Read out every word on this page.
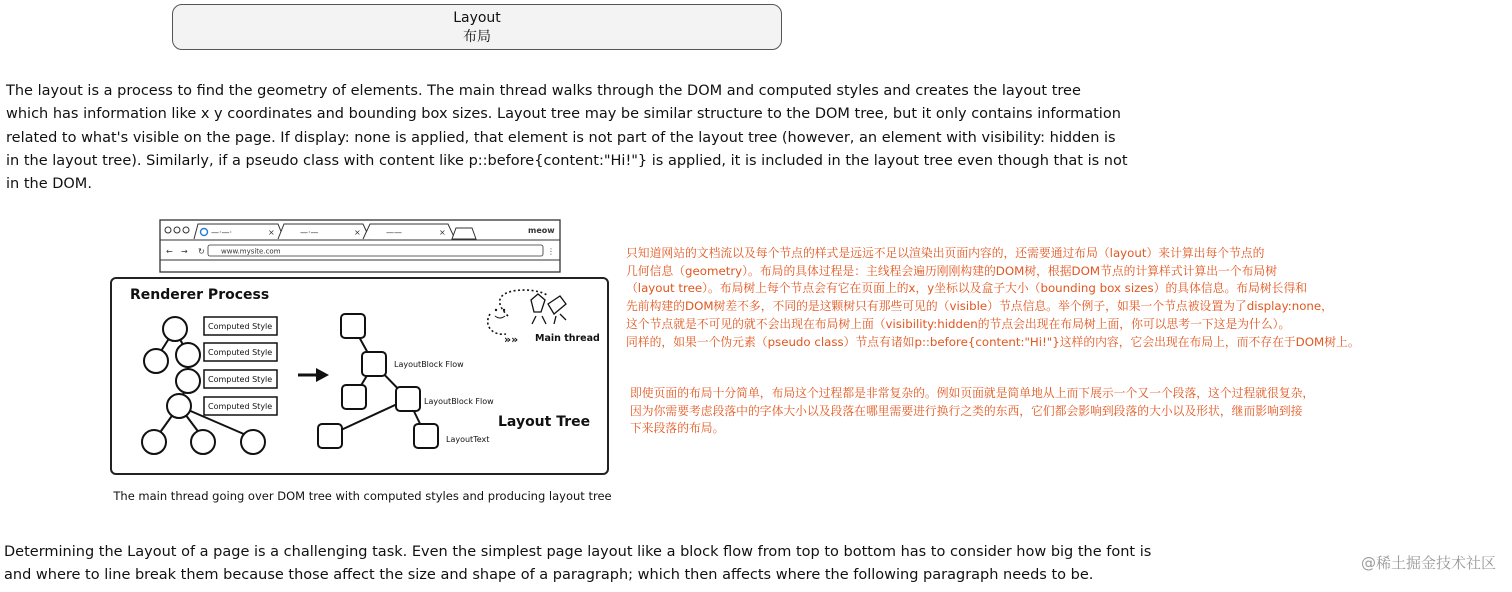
Layout
布局
The layout is a process to find the geometry of elements. The main thread walks through the DOM and computed styles and creates the layout tree
which has information like x y coordinates and bounding box sizes. Layout tree may be similar structure to the DOM tree, but it only contains information
related to what's visible on the page. If display: none is applied, that element is not part of the layout tree (however, an element with visibility: hidden is
in the layout tree). Similarly, if a pseudo class with content like p::before{content:"Hi!"} is applied, it is included in the layout tree even though that is not
in the DOM.
—·—·	—·—	——
×	×	×	meow
← → ↻ www.mysite.com	⋮
Renderer Process
Computed Style
Computed Style
Computed Style
Computed Style
LayoutBlock Flow
LayoutBlock Flow
LayoutText
Layout Tree
»» Main thread
The main thread going over DOM tree with computed styles and producing layout tree
只知道网站的文档流以及每个节点的样式是远远不足以渲染出页面内容的，还需要通过布局（layout）来计算出每个节点的
几何信息（geometry）。布局的具体过程是：主线程会遍历刚刚构建的DOM树，根据DOM节点的计算样式计算出一个布局树
（layout tree）。布局树上每个节点会有它在页面上的x，y坐标以及盒子大小（bounding box sizes）的具体信息。布局树长得和
先前构建的DOM树差不多，不同的是这颗树只有那些可见的（visible）节点信息。举个例子，如果一个节点被设置为了display:none，
这个节点就是不可见的就不会出现在布局树上面（visibility:hidden的节点会出现在布局树上面，你可以思考一下这是为什么）。
同样的，如果一个伪元素（pseudo class）节点有诸如p::before{content:"Hi!"}这样的内容，它会出现在布局上，而不存在于DOM树上。
即使页面的布局十分简单，布局这个过程都是非常复杂的。例如页面就是简单地从上而下展示一个又一个段落，这个过程就很复杂，
因为你需要考虑段落中的字体大小以及段落在哪里需要进行换行之类的东西，它们都会影响到段落的大小以及形状，继而影响到接
下来段落的布局。
Determining the Layout of a page is a challenging task. Even the simplest page layout like a block flow from top to bottom has to consider how big the font is
and where to line break them because those affect the size and shape of a paragraph; which then affects where the following paragraph needs to be.
@稀土掘金技术社区
